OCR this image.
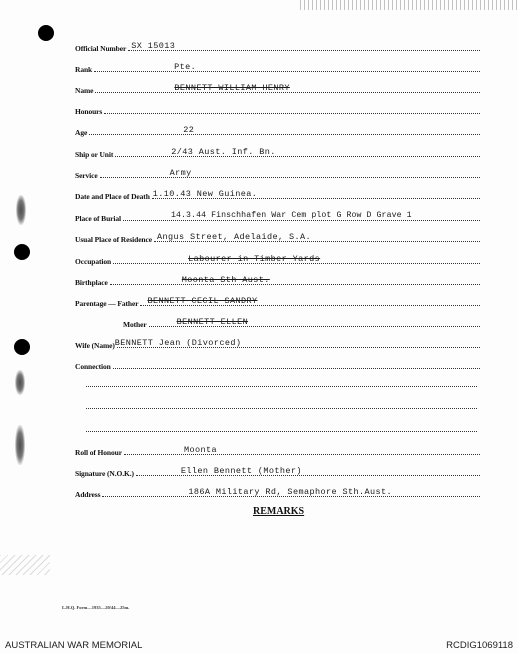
Official Number SX 15013
Rank	Pte.
Name	BENNETT WILLIAM HENRY
Honours
Age	22
Ship or Unit	2/43 Aust. Inf. Bn.
Service	Army
Date and Place of Death 1.10.43 New Guinea.
Place of Burial	14.3.44 Finschhafen War Cem plot G Row D Grave 1
Usual Place of Residence Angus Street, Adelaide, S.A.
Occupation	Labourer in Timber Yards
Birthplace	Moonta Sth Aust.
Parentage — Father BENNETT CECIL SANDRY
Mother	BENNETT ELLEN
Wife (Name) BENNETT Jean (Divorced)
Connection
Roll of Honour	Moonta
Signature (N.O.K.)	Ellen Bennett (Mother)
Address	186A Military Rd, Semaphore Sth.Aust.
REMARKS
L.H.Q. Form—1935—20/44—25m.
AUSTRALIAN WAR MEMORIAL	RCDIG1069118
